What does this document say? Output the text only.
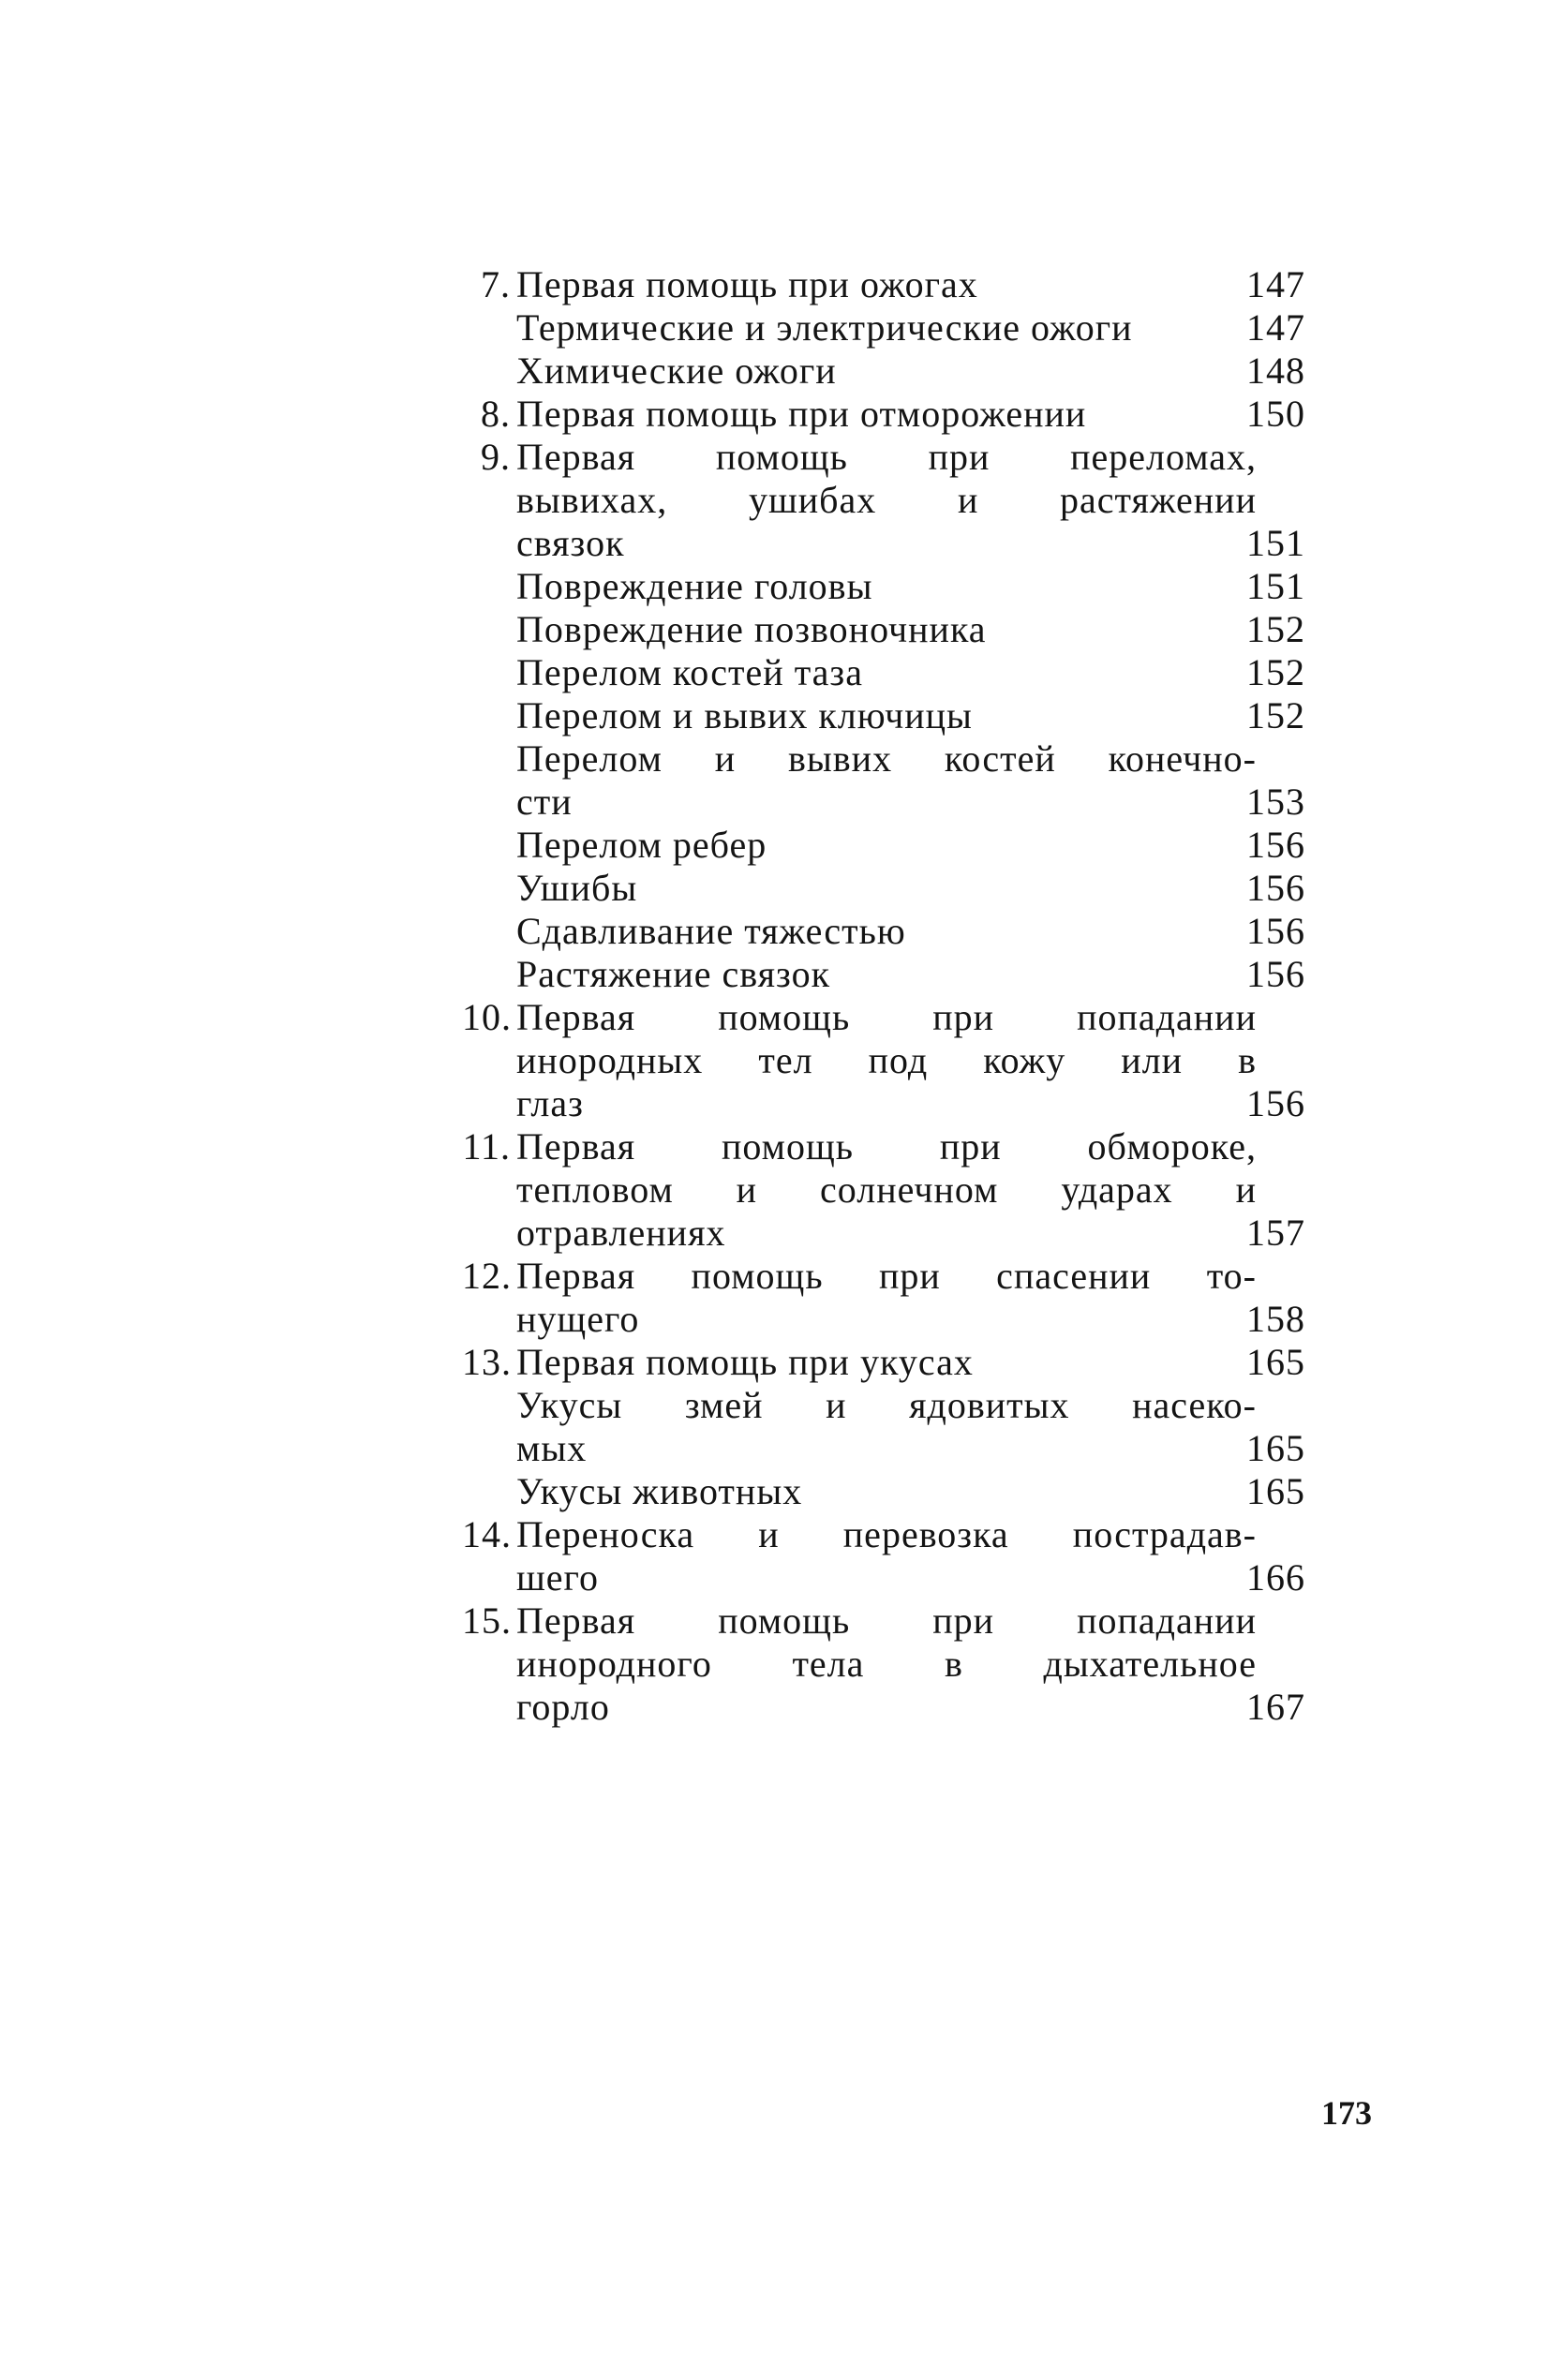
7. Первая помощь при ожогах	147
Термические и электрические ожоги	147
Химические ожоги	148
8. Первая помощь при отморожении	150
9. Первая помощь при переломах,
вывихах, ушибах и растяжении
связок	151
Повреждение головы	151
Повреждение позвоночника	152
Перелом костей таза	152
Перелом и вывих ключицы	152
Перелом и вывих костей конечно-
сти	153
Перелом ребер	156
Ушибы	156
Сдавливание тяжестью	156
Растяжение связок	156
10. Первая помощь при попадании
инородных тел под кожу или в
глаз	156
11. Первая помощь при обмороке,
тепловом и солнечном ударах и
отравлениях	157
12. Первая помощь при спасении то-
нущего	158
13. Первая помощь при укусах	165
Укусы змей и ядовитых насеко-
мых	165
Укусы животных	165
14. Переноска и перевозка пострадав-
шего	166
15. Первая помощь при попадании
инородного тела в дыхательное
горло	167
173
